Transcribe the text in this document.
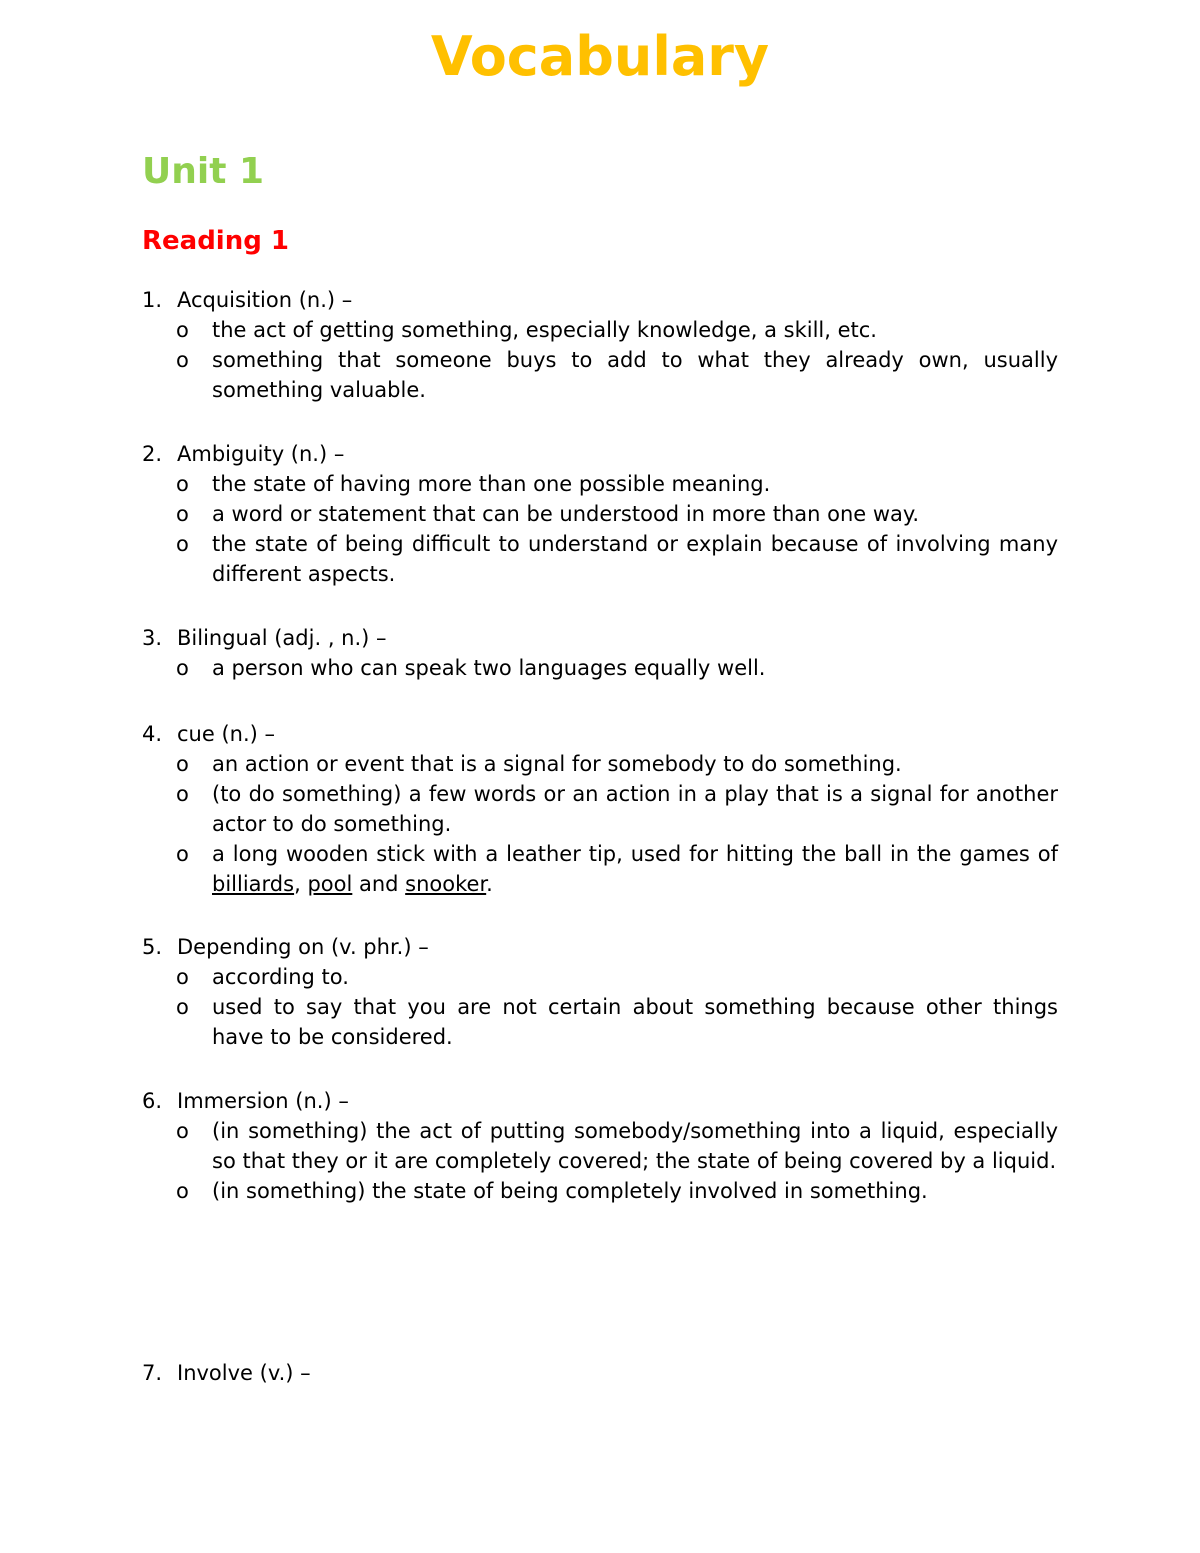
Vocabulary
Unit 1
Reading 1
1. Acquisition (n.) –
o	the act of getting something, especially knowledge, a skill, etc.
o	something that someone buys to add to what they already own, usually something valuable.
2. Ambiguity (n.) –
o	the state of having more than one possible meaning.
o	a word or statement that can be understood in more than one way.
o	the state of being difficult to understand or explain because of involving many different aspects.
3. Bilingual (adj. , n.) –
o	a person who can speak two languages equally well.
4. cue (n.) –
o	an action or event that is a signal for somebody to do something.
o	(to do something) a few words or an action in a play that is a signal for another actor to do something.
o	a long wooden stick with a leather tip, used for hitting the ball in the games of billiards, pool and snooker.
5. Depending on (v. phr.) –
o	according to.
o	used to say that you are not certain about something because other things have to be considered.
6. Immersion (n.) –
o	(in something) the act of putting somebody/something into a liquid, especially so that they or it are completely covered; the state of being covered by a liquid.
o	(in something) the state of being completely involved in something.
7. Involve (v.) –
